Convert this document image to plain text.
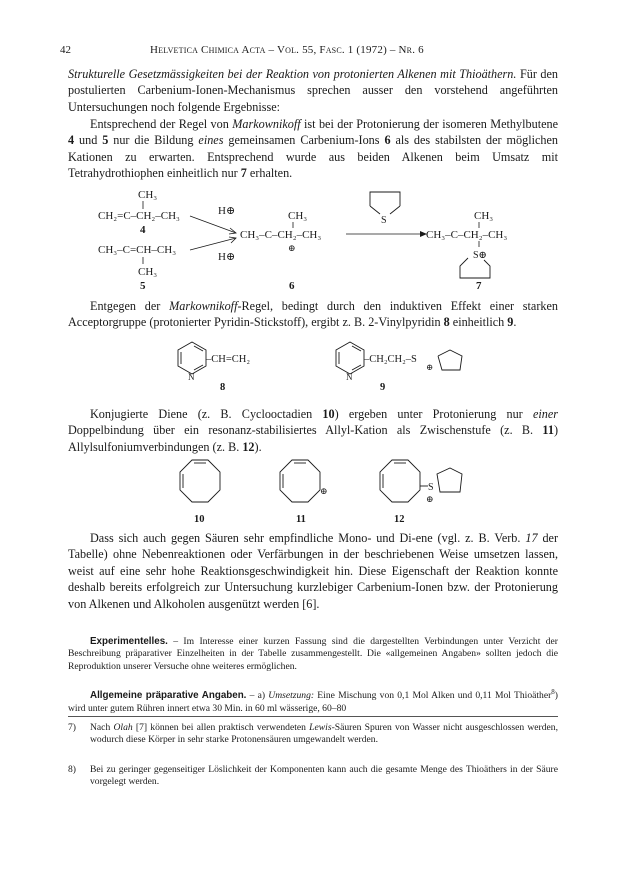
42	Helvetica Chimica Acta – Vol. 55, Fasc. 1 (1972) – Nr. 6
Strukturelle Gesetzmässigkeiten bei der Reaktion von protonierten Alkenen mit Thioäthern. Für den postulierten Carbenium-Ionen-Mechanismus sprechen ausser den vorstehend angeführten Untersuchungen noch folgende Ergebnisse:
Entsprechend der Regel von Markownikoff ist bei der Protonierung der isomeren Methylbutene 4 und 5 nur die Bildung eines gemeinsamen Carbenium-Ions 6 als des stabilsten der möglichen Kationen zu erwarten. Entsprechend wurde aus beiden Alkenen beim Umsatz mit Tetrahydrothiophen einheitlich nur 7 erhalten.
CH₃
CH₂=C–CH₂–CH₃
4
CH₃–C=CH–CH₃
CH₃
5
H⊕
H⊕
CH₃
CH₃–C–CH₂–CH₃
⊕
6
S	CH₃
CH₃–C–CH₂–CH₃
S⊕
7
Entgegen der Markownikoff-Regel, bedingt durch den induktiven Effekt einer starken Acceptorgruppe (protonierter Pyridin-Stickstoff), ergibt z. B. 2-Vinylpyridin 8 einheitlich 9.
N
–CH=CH₂
8
N
–CH₂CH₂–S
⊕
9
Konjugierte Diene (z. B. Cyclooctadien 10) ergeben unter Protonierung nur einer Doppelbindung über ein resonanz-stabilisiertes Allyl-Kation als Zwischenstufe (z. B. 11) Allylsulfoniumverbindungen (z. B. 12).
⊕	S
⊕
10	11	12
Dass sich auch gegen Säuren sehr empfindliche Mono- und Di-ene (vgl. z. B. Verb. 17 der Tabelle) ohne Nebenreaktionen oder Verfärbungen in der beschriebenen Weise umsetzen lassen, weist auf eine sehr hohe Reaktionsgeschwindigkeit hin. Diese Eigenschaft der Reaktion konnte deshalb bereits erfolgreich zur Untersuchung kurzlebiger Carbenium-Ionen bzw. der Protonierung von Alkenen und Alkoholen ausgenützt werden [6].
Experimentelles. – Im Interesse einer kurzen Fassung sind die dargestellten Verbindungen unter Verzicht der Beschreibung präparativer Einzelheiten in der Tabelle zusammengestellt. Die «allgemeinen Angaben» sollten jedoch die Reproduktion unserer Versuche ohne weiteres ermöglichen.
Allgemeine präparative Angaben. – a) Umsetzung: Eine Mischung von 0,1 Mol Alken und 0,11 Mol Thioäther$^8$) wird unter gutem Rühren innert etwa 30 Min. in 60 ml wässerige, 60–80
7) Nach Olah [7] können bei allen praktisch verwendeten Lewis-Säuren Spuren von Wasser nicht ausgeschlossen werden, wodurch diese Körper in sehr starke Protonensäuren umgewandelt werden.
8) Bei zu geringer gegenseitiger Löslichkeit der Komponenten kann auch die gesamte Menge des Thioäthers in der Säure vorgelegt werden.
